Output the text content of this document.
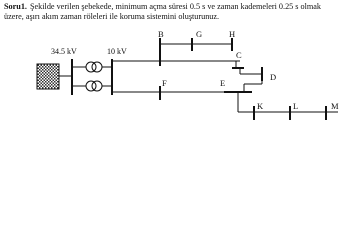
Soru1. Şekilde verilen şebekede, minimum açma süresi 0.5 s ve zaman kademeleri 0.25 s olmak
üzere, aşırı akım zaman röleleri ile koruma sistemini oluşturunuz.

34.5 kV	10 kV
B	G	H
C
D
F	E
K	L	M
